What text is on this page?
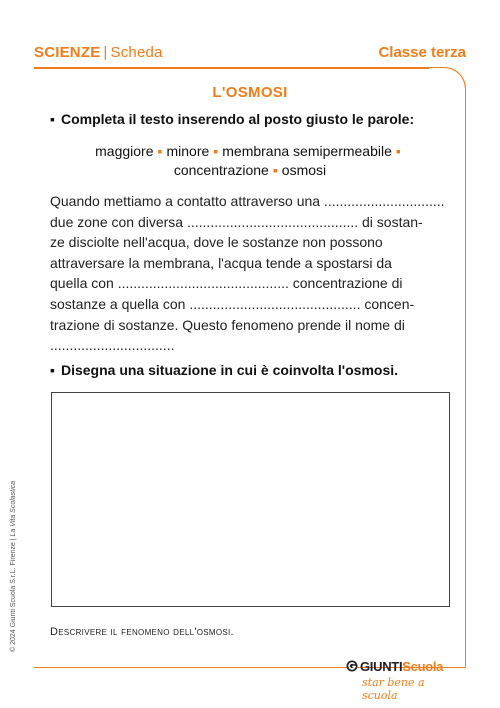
SCIENZE | Scheda	Classe terza
L'OSMOSI
▪ Completa il testo inserendo al posto giusto le parole:
maggiore ▪ minore ▪ membrana semipermeabile ▪
concentrazione ▪ osmosi
Quando mettiamo a contatto attraverso una ...............................
due zone con diversa ............................................ di sostan-
ze disciolte nell'acqua, dove le sostanze non possono
attraversare la membrana, l'acqua tende a spostarsi da
quella con ............................................ concentrazione di
sostanze a quella con ............................................ concen-
trazione di sostanze. Questo fenomeno prende il nome di
................................
▪ Disegna una situazione in cui è coinvolta l'osmosi.
Descrivere il fenomeno dell'osmosi.
© 2024 Giunti Scuola S.r.L. Firenze | La Vita Scolastica
GIUNTIScuola
star bene a scuola
